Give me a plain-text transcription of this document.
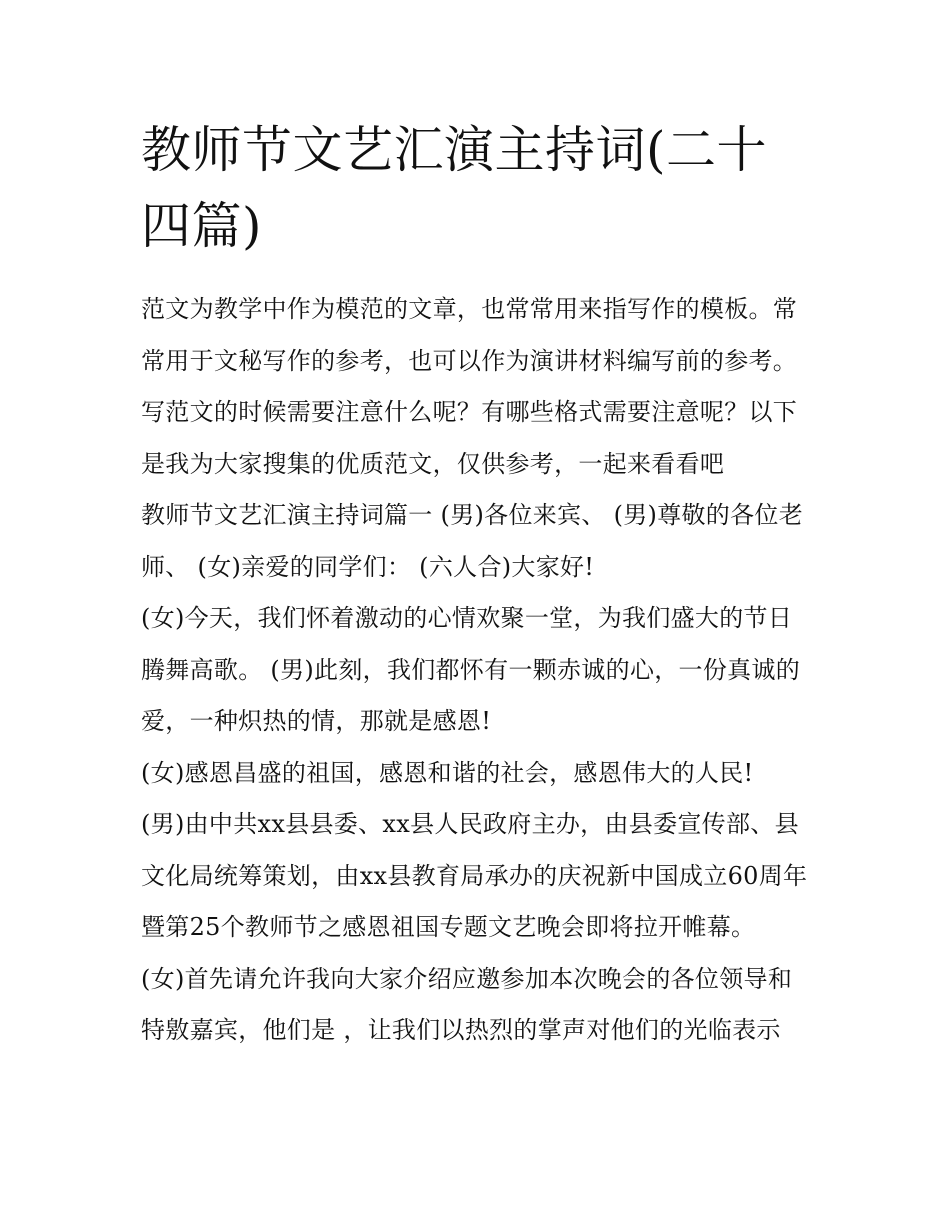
教师节文艺汇演主持词(二十四篇)

范文为教学中作为模范的文章，也常常用来指写作的模板。常常用于文秘写作的参考，也可以作为演讲材料编写前的参考。写范文的时候需要注意什么呢？有哪些格式需要注意呢？以下是我为大家搜集的优质范文，仅供参考，一起来看看吧

教师节文艺汇演主持词篇一 (男)各位来宾、 (男)尊敬的各位老师、 (女)亲爱的同学们： (六人合)大家好!

(女)今天，我们怀着激动的心情欢聚一堂，为我们盛大的节日腾舞高歌。 (男)此刻，我们都怀有一颗赤诚的心，一份真诚的爱，一种炽热的情，那就是感恩!

(女)感恩昌盛的祖国，感恩和谐的社会，感恩伟大的人民!

(男)由中共xx县县委、xx县人民政府主办，由县委宣传部、县文化局统筹策划，由xx县教育局承办的庆祝新中国成立60周年暨第25个教师节之感恩祖国专题文艺晚会即将拉开帷幕。

(女)首先请允许我向大家介绍应邀参加本次晚会的各位领导和特敫嘉宾，他们是 ，让我们以热烈的掌声对他们的光临表示
